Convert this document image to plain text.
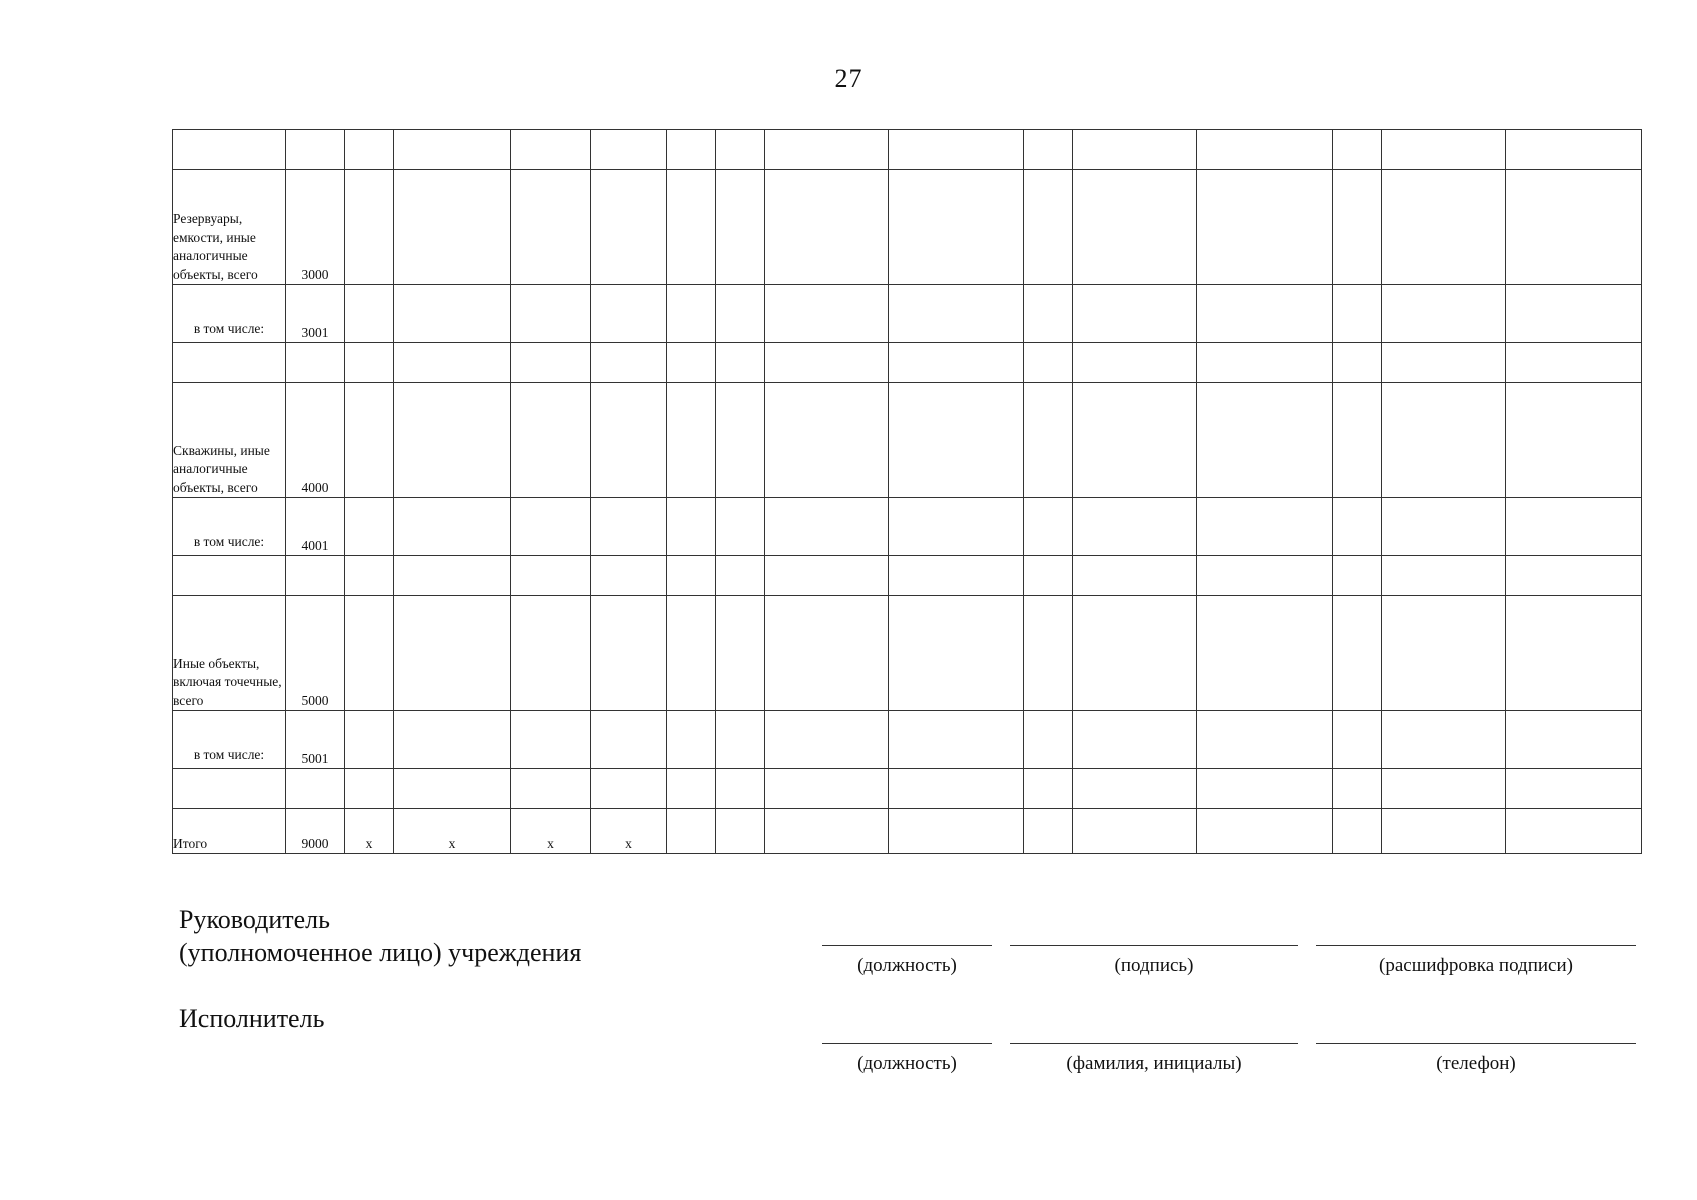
27

Резервуары, емкости, иные аналогичные объекты, всего	3000														
в том числе:	3001														

Скважины, иные аналогичные объекты, всего	4000														
в том числе:	4001														

Иные объекты, включая точечные, всего	5000														
в том числе:	5001														

Итого	9000	x	x	x	x										
Руководитель
(уполномоченное лицо) учреждения
Исполнитель
(должность)	(подпись)	(расшифровка подписи)
(должность)	(фамилия, инициалы)	(телефон)
